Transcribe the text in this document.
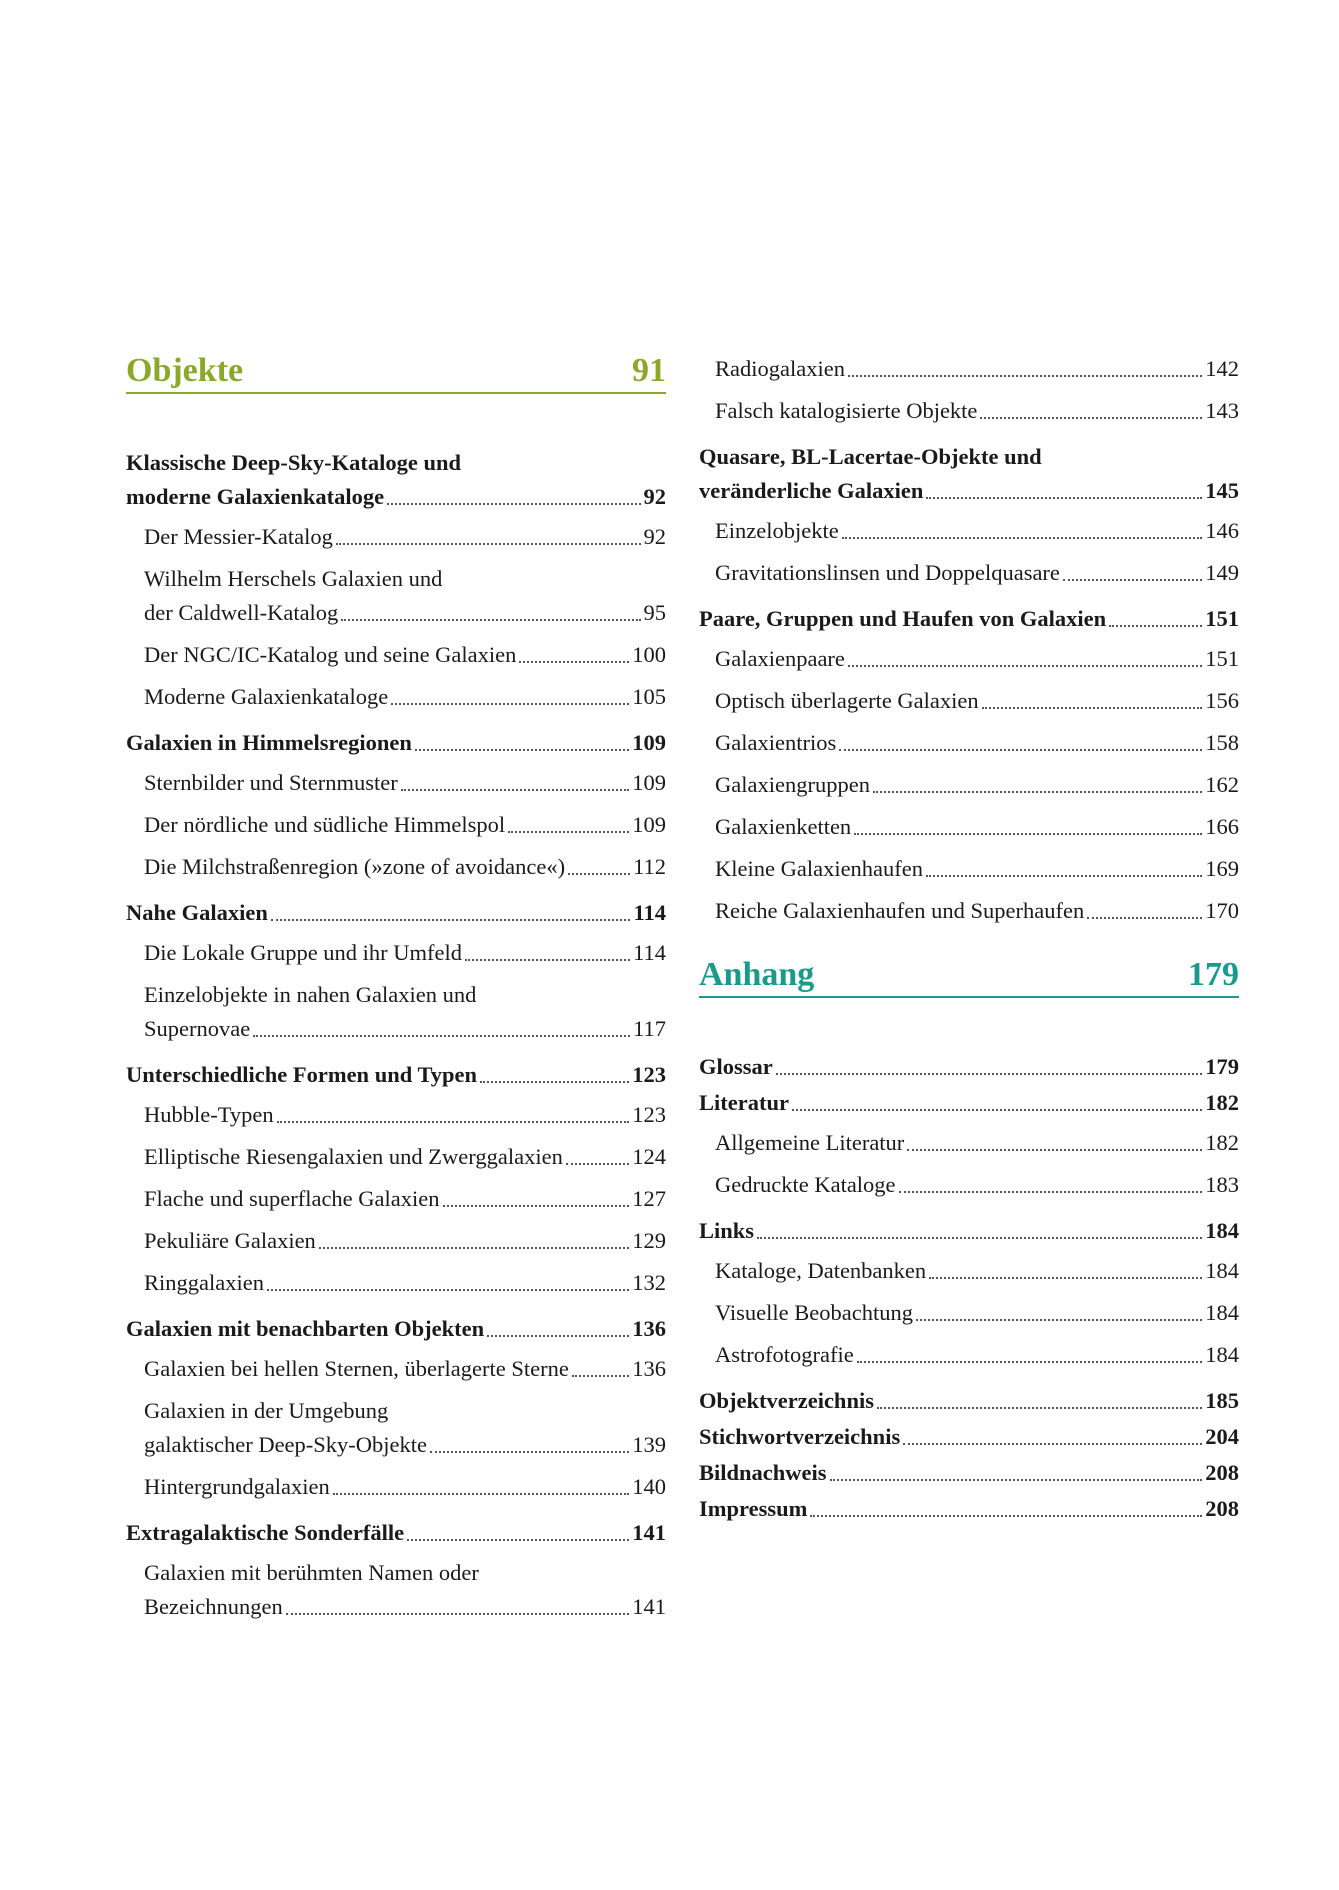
Objekte	91
Klassische Deep-Sky-Kataloge und
moderne Galaxienkataloge	92
Der Messier-Katalog	92
Wilhelm Herschels Galaxien und
der Caldwell-Katalog	95
Der NGC/IC-Katalog und seine Galaxien	100
Moderne Galaxienkataloge	105
Galaxien in Himmelsregionen	109
Sternbilder und Sternmuster	109
Der nördliche und südliche Himmelspol	109
Die Milchstraßenregion (»zone of avoidance«)	112
Nahe Galaxien	114
Die Lokale Gruppe und ihr Umfeld	114
Einzelobjekte in nahen Galaxien und
Supernovae	117
Unterschiedliche Formen und Typen	123
Hubble-Typen	123
Elliptische Riesengalaxien und Zwerggalaxien	124
Flache und superflache Galaxien	127
Pekuliäre Galaxien	129
Ringgalaxien	132
Galaxien mit benachbarten Objekten	136
Galaxien bei hellen Sternen, überlagerte Sterne	136
Galaxien in der Umgebung
galaktischer Deep-Sky-Objekte	139
Hintergrundgalaxien	140
Extragalaktische Sonderfälle	141
Galaxien mit berühmten Namen oder
Bezeichnungen	141
Radiogalaxien	142
Falsch katalogisierte Objekte	143
Quasare, BL-Lacertae-Objekte und
veränderliche Galaxien	145
Einzelobjekte	146
Gravitationslinsen und Doppelquasare	149
Paare, Gruppen und Haufen von Galaxien	151
Galaxienpaare	151
Optisch überlagerte Galaxien	156
Galaxientrios	158
Galaxiengruppen	162
Galaxienketten	166
Kleine Galaxienhaufen	169
Reiche Galaxienhaufen und Superhaufen	170
Anhang	179
Glossar	179
Literatur	182
Allgemeine Literatur	182
Gedruckte Kataloge	183
Links	184
Kataloge, Datenbanken	184
Visuelle Beobachtung	184
Astrofotografie	184
Objektverzeichnis	185
Stichwortverzeichnis	204
Bildnachweis	208
Impressum	208
